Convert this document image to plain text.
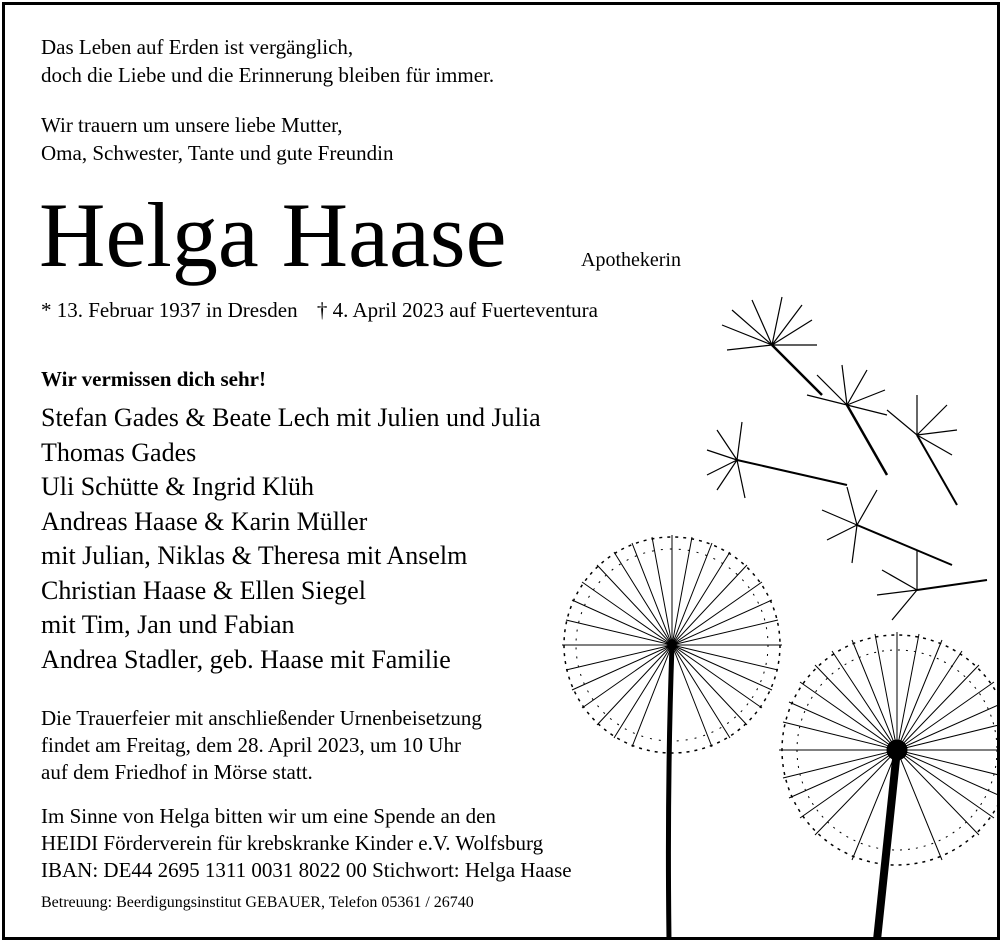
Das Leben auf Erden ist vergänglich,
doch die Liebe und die Erinnerung bleiben für immer.
Wir trauern um unsere liebe Mutter,
Oma, Schwester, Tante und gute Freundin
Helga Haase	Apothekerin
* 13. Februar 1937 in Dresden † 4. April 2023 auf Fuerteventura
Wir vermissen dich sehr!
Stefan Gades & Beate Lech mit Julien und Julia
Thomas Gades
Uli Schütte & Ingrid Klüh
Andreas Haase & Karin Müller
mit Julian, Niklas & Theresa mit Anselm
Christian Haase & Ellen Siegel
mit Tim, Jan und Fabian
Andrea Stadler, geb. Haase mit Familie
Die Trauerfeier mit anschließender Urnenbeisetzung
findet am Freitag, dem 28. April 2023, um 10 Uhr
auf dem Friedhof in Mörse statt.
Im Sinne von Helga bitten wir um eine Spende an den
HEIDI Förderverein für krebskranke Kinder e.V. Wolfsburg
IBAN: DE44 2695 1311 0031 8022 00 Stichwort: Helga Haase
Betreuung: Beerdigungsinstitut GEBAUER, Telefon 05361 / 26740
